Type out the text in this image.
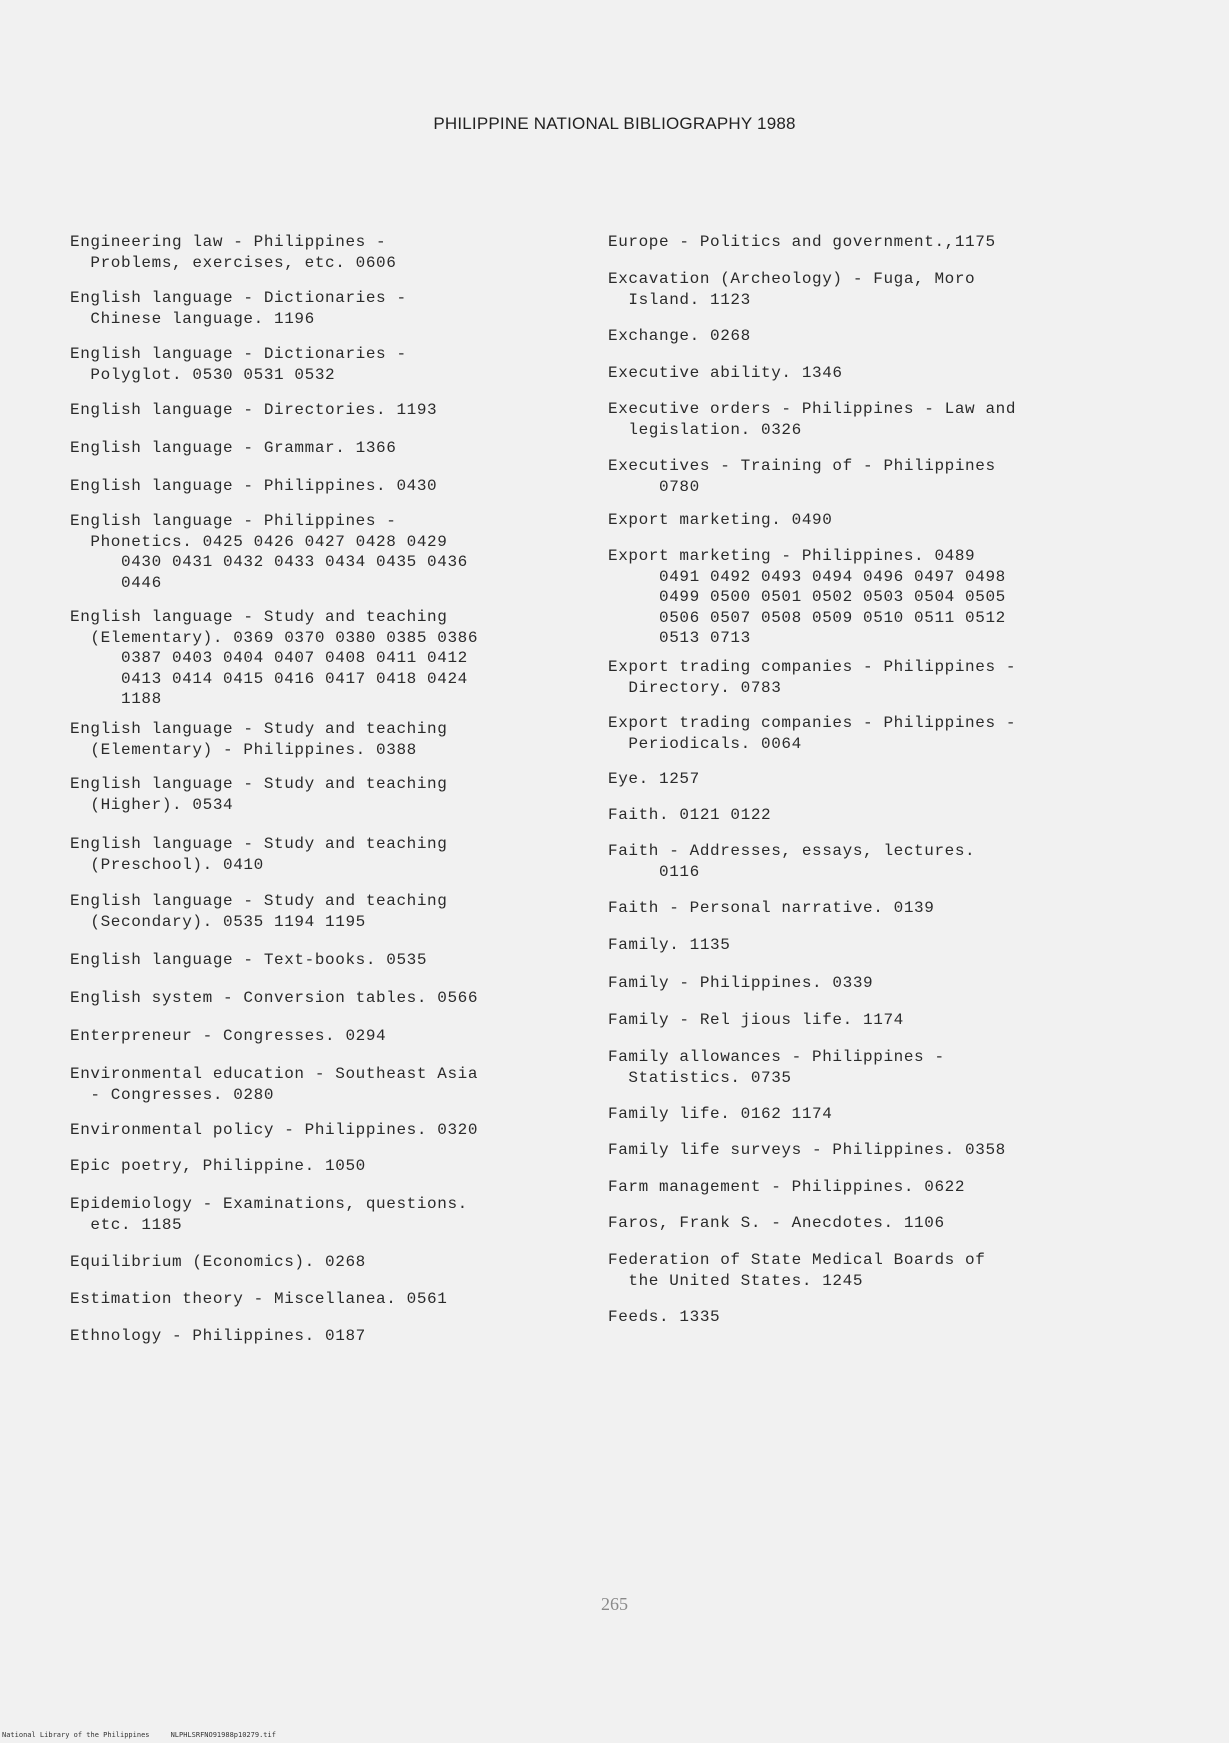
PHILIPPINE NATIONAL BIBLIOGRAPHY 1988
Engineering law - Philippines -
Problems, exercises, etc. 0606
English language - Dictionaries -
Chinese language. 1196
English language - Dictionaries -
Polyglot. 0530 0531 0532
English language - Directories. 1193
English language - Grammar. 1366
English language - Philippines. 0430
English language - Philippines -
Phonetics. 0425 0426 0427 0428 0429
0430 0431 0432 0433 0434 0435 0436
0446
English language - Study and teaching
(Elementary). 0369 0370 0380 0385 0386
0387 0403 0404 0407 0408 0411 0412
0413 0414 0415 0416 0417 0418 0424
1188
English language - Study and teaching
(Elementary) - Philippines. 0388
English language - Study and teaching
(Higher). 0534
English language - Study and teaching
(Preschool). 0410
English language - Study and teaching
(Secondary). 0535 1194 1195
English language - Text-books. 0535
English system - Conversion tables. 0566
Enterpreneur - Congresses. 0294
Environmental education - Southeast Asia
- Congresses. 0280
Environmental policy - Philippines. 0320
Epic poetry, Philippine. 1050
Epidemiology - Examinations, questions.
etc. 1185
Equilibrium (Economics). 0268
Estimation theory - Miscellanea. 0561
Ethnology - Philippines. 0187
Europe - Politics and government.,1175
Excavation (Archeology) - Fuga, Moro
Island. 1123
Exchange. 0268
Executive ability. 1346
Executive orders - Philippines - Law and
legislation. 0326
Executives - Training of - Philippines
0780
Export marketing. 0490
Export marketing - Philippines. 0489
0491 0492 0493 0494 0496 0497 0498
0499 0500 0501 0502 0503 0504 0505
0506 0507 0508 0509 0510 0511 0512
0513 0713
Export trading companies - Philippines -
Directory. 0783
Export trading companies - Philippines -
Periodicals. 0064
Eye. 1257
Faith. 0121 0122
Faith - Addresses, essays, lectures.
0116
Faith - Personal narrative. 0139
Family. 1135
Family - Philippines. 0339
Family - Rel jious life. 1174
Family allowances - Philippines -
Statistics. 0735
Family life. 0162 1174
Family life surveys - Philippines. 0358
Farm management - Philippines. 0622
Faros, Frank S. - Anecdotes. 1106
Federation of State Medical Boards of
the United States. 1245
Feeds. 1335
265
National Library of the Philippines     NLPHLSRFNO91988p10279.tif
